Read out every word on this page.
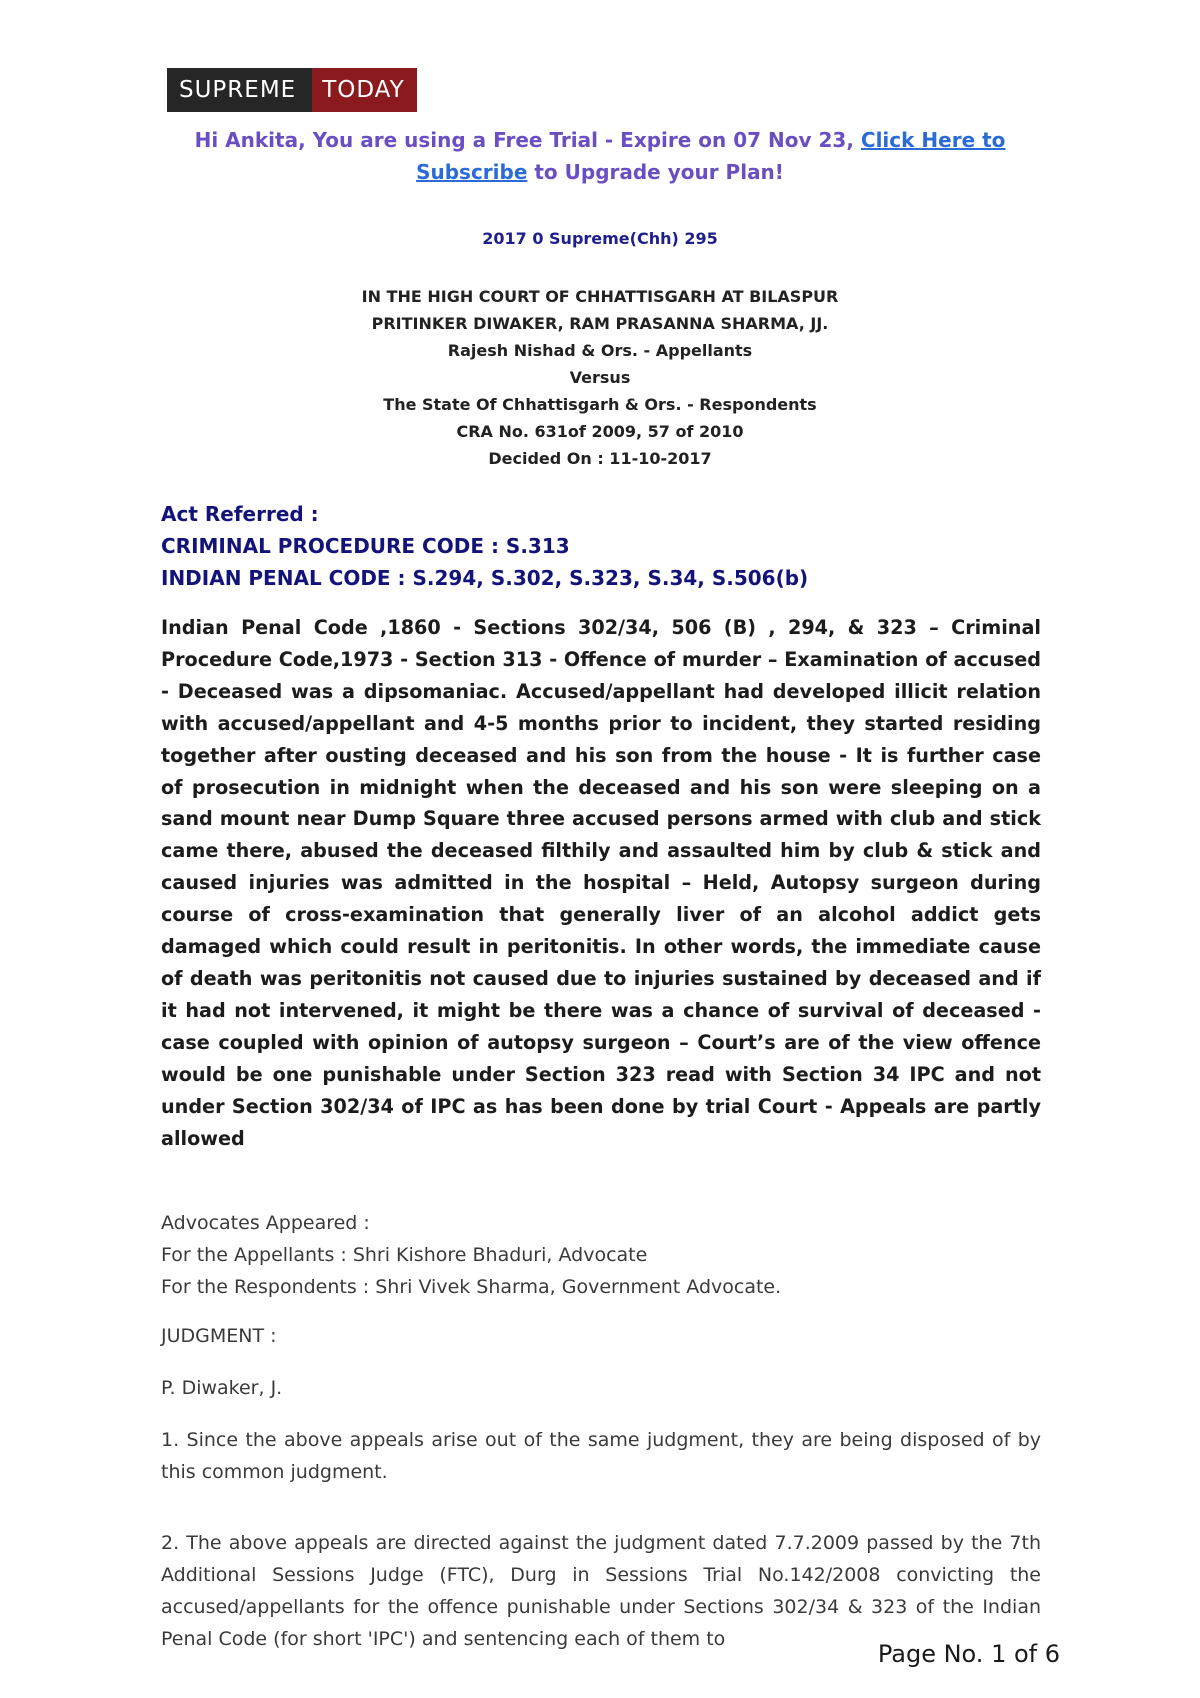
SUPREME	TODAY
Hi Ankita, You are using a Free Trial - Expire on 07 Nov 23, Click Here to Subscribe to Upgrade your Plan!
2017 0 Supreme(Chh) 295
IN THE HIGH COURT OF CHHATTISGARH AT BILASPUR
PRITINKER DIWAKER, RAM PRASANNA SHARMA, JJ.
Rajesh Nishad & Ors. - Appellants
Versus
The State Of Chhattisgarh & Ors. - Respondents
CRA No. 631of 2009, 57 of 2010
Decided On : 11-10-2017
Act Referred :
CRIMINAL PROCEDURE CODE : S.313
INDIAN PENAL CODE : S.294, S.302, S.323, S.34, S.506(b)
Indian Penal Code ,1860 - Sections 302/34, 506 (B) , 294, & 323 – Criminal Procedure Code,1973 - Section 313 - Offence of murder – Examination of accused - Deceased was a dipsomaniac. Accused/appellant had developed illicit relation with accused/appellant and 4-5 months prior to incident, they started residing together after ousting deceased and his son from the house - It is further case of prosecution in midnight when the deceased and his son were sleeping on a sand mount near Dump Square three accused persons armed with club and stick came there, abused the deceased filthily and assaulted him by club & stick and caused injuries was admitted in the hospital – Held, Autopsy surgeon during course of cross-examination that generally liver of an alcohol addict gets damaged which could result in peritonitis. In other words, the immediate cause of death was peritonitis not caused due to injuries sustained by deceased and if it had not intervened, it might be there was a chance of survival of deceased - case coupled with opinion of autopsy surgeon – Court’s are of the view offence would be one punishable under Section 323 read with Section 34 IPC and not under Section 302/34 of IPC as has been done by trial Court - Appeals are partly allowed
Advocates Appeared :
For the Appellants : Shri Kishore Bhaduri, Advocate
For the Respondents : Shri Vivek Sharma, Government Advocate.
JUDGMENT :
P. Diwaker, J.
1. Since the above appeals arise out of the same judgment, they are being disposed of by this common judgment.
2. The above appeals are directed against the judgment dated 7.7.2009 passed by the 7th Additional Sessions Judge (FTC), Durg in Sessions Trial No.142/2008 convicting the accused/appellants for the offence punishable under Sections 302/34 & 323 of the Indian Penal Code (for short 'IPC') and sentencing each of them to
Page No. 1 of 6
